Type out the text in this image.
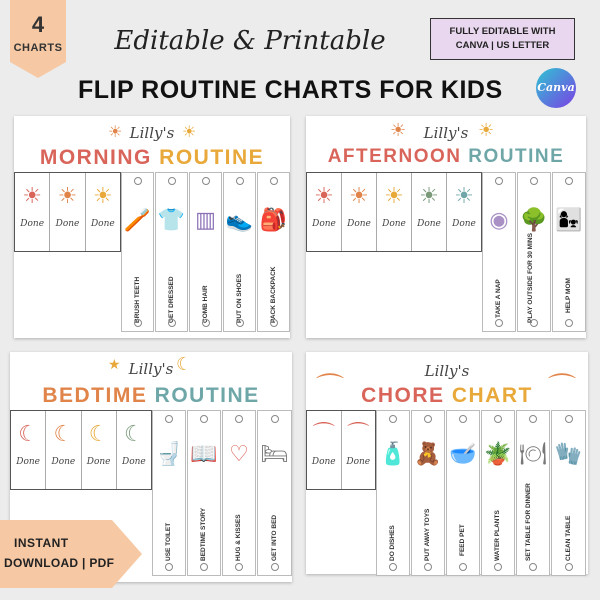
4
CHARTS	Editable & Printable
FLIP ROUTINE CHARTS FOR KIDS
FULLY EDITABLE WITH
CANVA | US LETTER
Canva
Lilly's
☀	☀
MORNING ROUTINE
🪥
BRUSH TEETH
👕
GET DRESSED
▥
COMB HAIR
👟
PUT ON SHOES
🎒
PACK BACKPACK
☀
Done
☀
Done
☀
Done
Lilly's
☀	☀
AFTERNOON ROUTINE
◉
TAKE A NAP
🌳
PLAY OUTSIDE FOR 30 MINS
👩‍👧
HELP MOM
☀
Done
☀
Done
☀
Done
☀
Done
☀
Done
Lilly's
★	☾
BEDTIME ROUTINE
🚽
USE TOILET
📖
BEDTIME STORY
♡
HUG & KISSES
🛏
GET INTO BED
☾
Done
☾
Done
☾
Done
☾
Done
Lilly's
⌒	⌒
CHORE CHART
🧴
DO DISHES
🧸
PUT AWAY TOYS
🥣
FEED PET
🪴
WATER PLANTS
🍽
SET TABLE FOR DINNER
🧤
CLEAN TABLE
⌒
Done
⌒
Done
INSTANT
DOWNLOAD | PDF
